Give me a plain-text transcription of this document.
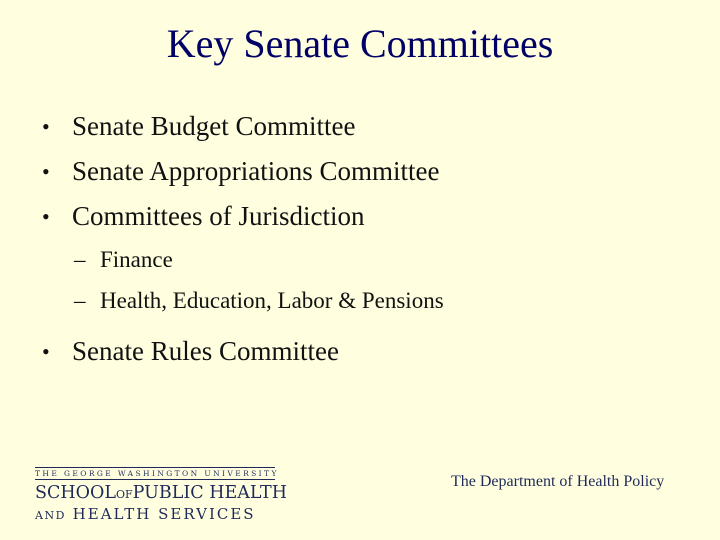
Key Senate Committees
• Senate Budget Committee
• Senate Appropriations Committee
• Committees of Jurisdiction
– Finance
– Health, Education, Labor & Pensions
• Senate Rules Committee
THE GEORGE WASHINGTON UNIVERSITY
SCHOOLOFPUBLIC HEALTH
AND HEALTH SERVICES
The Department of Health Policy
